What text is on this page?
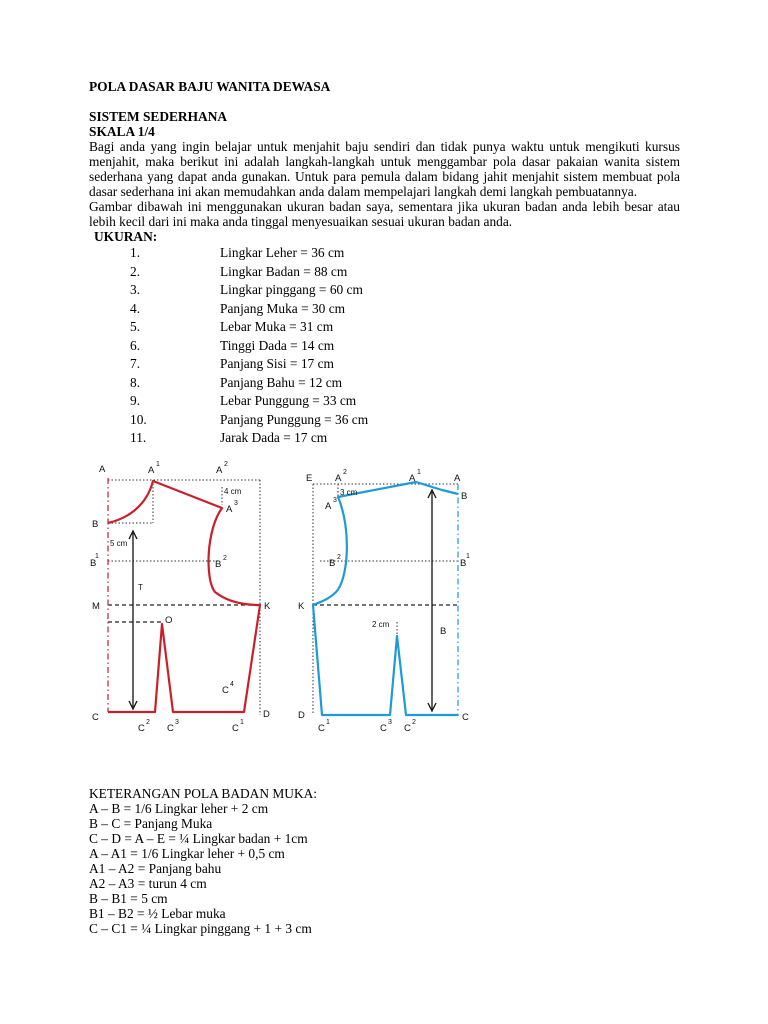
POLA DASAR BAJU WANITA DEWASA

SISTEM SEDERHANA

SKALA 1/4

Bagi anda yang ingin belajar untuk menjahit baju sendiri dan tidak punya waktu untuk mengikuti kursus menjahit, maka berikut ini adalah langkah-langkah untuk menggambar pola dasar pakaian wanita sistem sederhana yang dapat anda gunakan. Untuk para pemula dalam bidang jahit menjahit sistem membuat pola dasar sederhana ini akan memudahkan anda dalam mempelajari langkah demi langkah pembuatannya.

Gambar dibawah ini menggunakan ukuran badan saya, sementara jika ukuran badan anda lebih besar atau lebih kecil dari ini maka anda tinggal menyesuaikan sesuai ukuran badan anda.

UKURAN:

1.	Lingkar Leher = 36 cm
2.	Lingkar Badan = 88 cm
3.	Lingkar pinggang = 60 cm
4.	Panjang Muka = 30 cm
5.	Lebar Muka = 31 cm
6.	Tinggi Dada = 14 cm
7.	Panjang Sisi = 17 cm
8.	Panjang Bahu = 12 cm
9.	Lebar Punggung = 33 cm
10.	Panjang Punggung = 36 cm
11.	Jarak Dada = 17 cm
A	A
1
A
2
A
3
4 cm
B
5 cm
B
1
B
2
T
M	K
O
C
4
C
C
2
C
3
C
1
D
E A
2
A
1
A
3 cm	B
A
3
B
2
B
1
K
2 cm
B
D
C
1
C
3
C
2	C

KETERANGAN POLA BADAN MUKA:

A – B = 1/6 Lingkar leher + 2 cm

B – C = Panjang Muka

C – D = A – E = ¼ Lingkar badan + 1cm

A – A1 = 1/6 Lingkar leher + 0,5 cm

A1 – A2 = Panjang bahu

A2 – A3 = turun 4 cm

B – B1 = 5 cm

B1 – B2 = ½ Lebar muka

C – C1 = ¼ Lingkar pinggang + 1 + 3 cm
